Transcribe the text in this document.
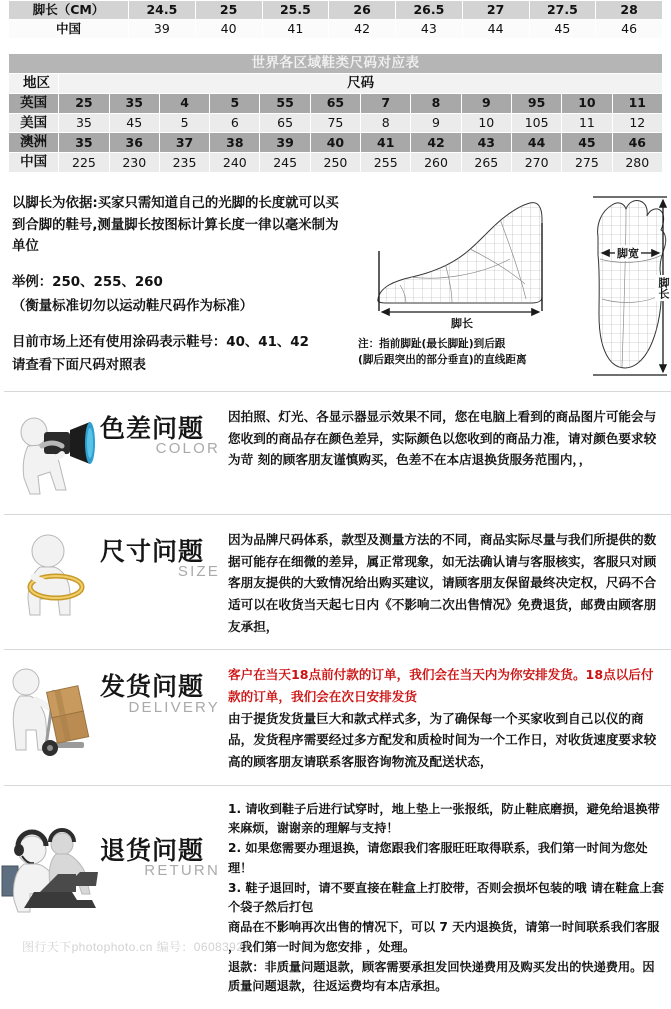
脚长（CM）	24.5	25	25.5	26	26.5	27	27.5	28
中国	39	40	41	42	43	44	45	46
世界各区域鞋类尺码对应表												
地区	尺码											
英国	25	35	4	5	55	65	7	8	9	95	10	11
美国	35	45	5	6	65	75	8	9	10	105	11	12
澳洲	35	36	37	38	39	40	41	42	43	44	45	46
中国	225	230	235	240	245	250	255	260	265	270	275	280

以脚长为依据:买家只需知道自己的光脚的长度就可以买到合脚的鞋号,测量脚长按图标计算长度一律以毫米制为单位

举例：250、255、260

（衡量标准切勿以运动鞋尺码作为标准）

目前市场上还有使用涂码表示鞋号：40、41、42

请查看下面尺码对照表

脚长
脚宽
脚长
注：指前脚趾(最长脚趾)到后跟
(脚后跟突出的部分垂直)的直线距离
色差问题
COLOR

因拍照、灯光、各显示器显示效果不同，您在电脑上看到的商品图片可能会与您收到的商品存在颜色差异，实际颜色以您收到的商品力准，请对颜色要求较为苛 刻的顾客朋友谨慎购买，色差不在本店退换货服务范围内，，

尺寸问题
SIZE

因为品牌尺码体系，款型及测量方法的不同，商品实际尽量与我们所提供的数据可能存在细微的差异，属正常现象，如无法确认请与客服核实，客服只对顾客朋友提供的大致情况给出购买建议，请顾客朋友保留最终决定权，尺码不合适可以在收货当天起七日内《不影响二次出售情况》免费退货，邮费由顾客朋友承担，

发货问题
DELIVERY

客户在当天18点前付款的订单，我们会在当天内为你安排发货。18点以后付款的订单，我们会在次日安排发货

由于提货发货量巨大和款式样式多，为了确保每一个买家收到自己以仪的商品，发货程序需要经过多方配发和质检时间为一个工作日，对收货速度要求较高的顾客朋友请联系客服咨询物流及配送状态，

退货问题
RETURN

1. 请收到鞋子后进行试穿时，地上垫上一张报纸，防止鞋底磨损，避免给退换带来麻烦，谢谢亲的理解与支持！

2. 如果您需要办理退换，请您跟我们客服旺旺取得联系，我们第一时间为您处理！

3. 鞋子退回时，请不要直接在鞋盒上打胶带，否则会损坏包装的哦 请在鞋盒上套个袋子然后打包

商品在不影响再次出售的情况下，可以 7 天内退换货，请第一时间联系我们客服 ，我们第一时间为您安排 ，处理。

退款：非质量问题退款，顾客需要承担发回快递费用及购买发出的快递费用。因质量问题退款，往返运费均有本店承担。

图行天下photophoto.cn 编号：06083921
